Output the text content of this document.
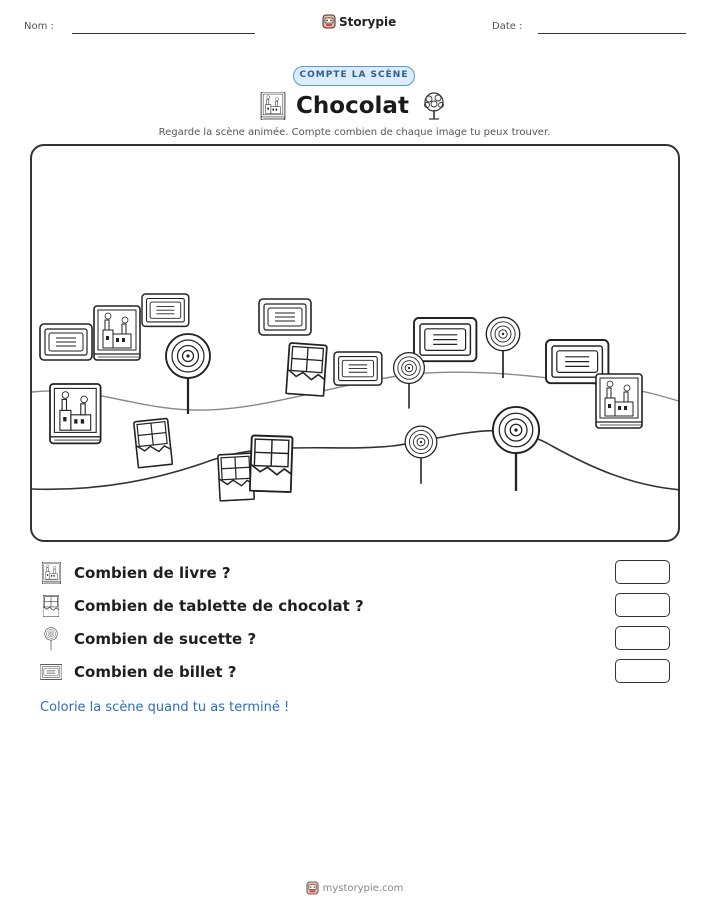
Nom :	Storypie	Date :
COMPTE LA SCÈNE
Chocolat
Regarde la scène animée. Compte combien de chaque image tu peux trouver.
Combien de livre ?
Combien de tablette de chocolat ?
Combien de sucette ?
Combien de billet ?
Colorie la scène quand tu as terminé !
mystorypie.com
